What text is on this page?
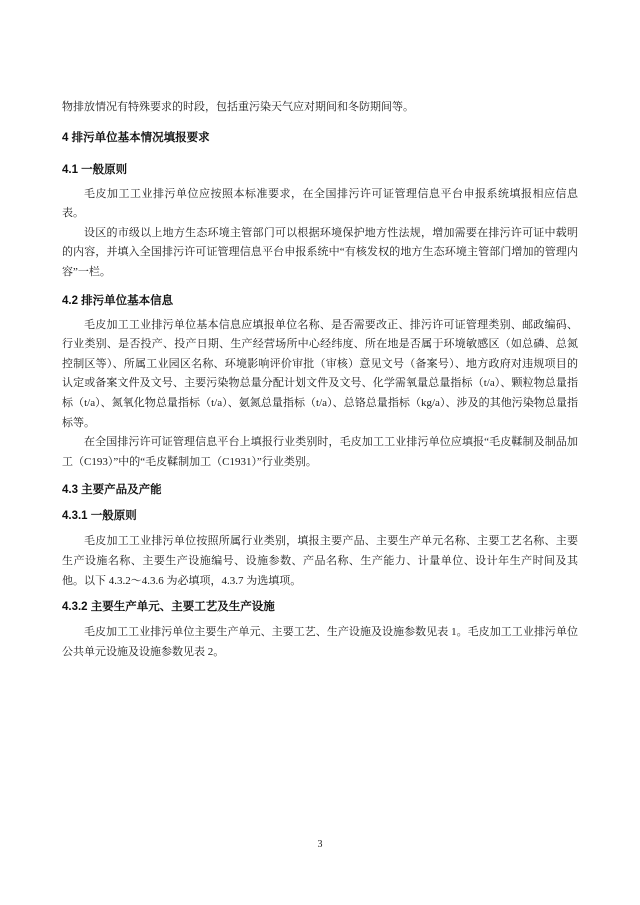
物排放情况有特殊要求的时段，包括重污染天气应对期间和冬防期间等。

4 排污单位基本情况填报要求
4.1 一般原则

毛皮加工工业排污单位应按照本标准要求，在全国排污许可证管理信息平台申报系统填报相应信息表。

设区的市级以上地方生态环境主管部门可以根据环境保护地方性法规，增加需要在排污许可证中载明的内容，并填入全国排污许可证管理信息平台申报系统中“有核发权的地方生态环境主管部门增加的管理内容”一栏。

4.2 排污单位基本信息

毛皮加工工业排污单位基本信息应填报单位名称、是否需要改正、排污许可证管理类别、邮政编码、行业类别、是否投产、投产日期、生产经营场所中心经纬度、所在地是否属于环境敏感区（如总磷、总氮控制区等）、所属工业园区名称、环境影响评价审批（审核）意见文号（备案号）、地方政府对违规项目的认定或备案文件及文号、主要污染物总量分配计划文件及文号、化学需氧量总量指标（t/a）、颗粒物总量指标（t/a）、氮氧化物总量指标（t/a）、氨氮总量指标（t/a）、总铬总量指标（kg/a）、涉及的其他污染物总量指标等。

在全国排污许可证管理信息平台上填报行业类别时，毛皮加工工业排污单位应填报“毛皮鞣制及制品加工（C193）”中的“毛皮鞣制加工（C1931）”行业类别。

4.3 主要产品及产能
4.3.1 一般原则

毛皮加工工业排污单位按照所属行业类别，填报主要产品、主要生产单元名称、主要工艺名称、主要生产设施名称、主要生产设施编号、设施参数、产品名称、生产能力、计量单位、设计年生产时间及其他。以下 4.3.2～4.3.6 为必填项，4.3.7 为选填项。

4.3.2 主要生产单元、主要工艺及生产设施

毛皮加工工业排污单位主要生产单元、主要工艺、生产设施及设施参数见表 1。毛皮加工工业排污单位公共单元设施及设施参数见表 2。

3
